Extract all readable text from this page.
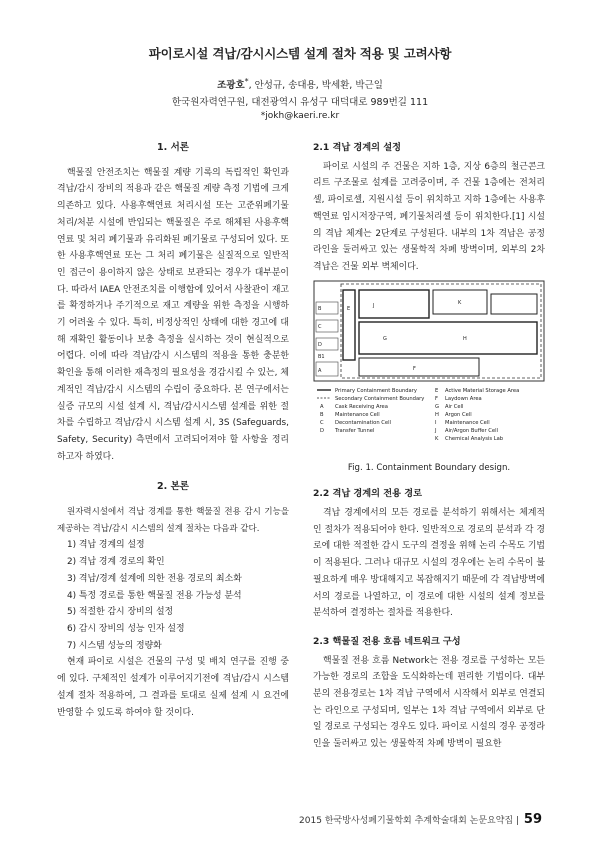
파이로시설 격납/감시시스템 설계 절차 적용 및 고려사항
조광호*, 안성규, 송대용, 박세환, 박근일
한국원자력연구원, 대전광역시 유성구 대덕대로 989번길 111
*jokh@kaeri.re.kr
1. 서론

핵물질 안전조치는 핵물질 계량 기록의 독립적인 확인과 격납/감시 장비의 적용과 같은 핵물질 계량 측정 기법에 크게 의존하고 있다. 사용후핵연료 처리시설 또는 고준위폐기물 처리/처분 시설에 반입되는 핵물질은 주로 해체된 사용후핵연료 및 처리 폐기물과 유리화된 폐기물로 구성되어 있다. 또한 사용후핵연료 또는 그 처리 폐기물은 실질적으로 일반적인 접근이 용이하지 않은 상태로 보관되는 경우가 대부분이다. 따라서 IAEA 안전조치를 이행함에 있어서 사찰관이 재고를 확정하거나 주기적으로 재고 계량을 위한 측정을 시행하기 어려울 수 있다. 특히, 비정상적인 상태에 대한 경고에 대해 재확인 활동이나 보충 측정을 실시하는 것이 현실적으로 어렵다. 이에 따라 격납/감시 시스템의 적용을 통한 충분한 확인을 통해 이러한 재측정의 필요성을 경감시킬 수 있는, 체계적인 격납/감시 시스템의 수립이 중요하다. 본 연구에서는 실증 규모의 시설 설계 시, 격납/감시시스템 설계를 위한 절차를 수립하고 격납/감시 시스템 설계 시, 3S (Safeguards, Safety, Security) 측면에서 고려되어져야 할 사항을 정리하고자 하였다.

2. 본론

원자력시설에서 격납 경계를 통한 핵물질 전용 감시 기능을 제공하는 격납/감시 시스템의 설계 절차는 다음과 같다.

1) 격납 경계의 설정
2) 격납 경계 경로의 확인
3) 격납/경계 설계에 의한 전용 경로의 최소화
4) 특정 경로를 통한 핵물질 전용 가능성 분석
5) 적절한 감시 장비의 설정
6) 감시 장비의 성능 인자 설정
7) 시스템 성능의 정량화

현재 파이로 시설은 건물의 구성 및 배치 연구를 진행 중에 있다. 구체적인 설계가 이루어지기전에 격납/감시 시스템 설계 절차 적용하여, 그 결과를 토대로 실제 설계 시 요건에 반영할 수 있도록 하여야 할 것이다.

2.1 격납 경계의 설정

파이로 시설의 주 건물은 지하 1층, 지상 6층의 철근콘크리트 구조물로 설계를 고려중이며, 주 건물 1층에는 전처리셀, 파이로셀, 지원시설 등이 위치하고 지하 1층에는 사용후핵연료 임시저장구역, 폐기물처리셀 등이 위치한다.[1] 시설의 격납 체계는 2단계로 구성된다. 내부의 1차 격납은 공정 라인을 둘러싸고 있는 생물학적 차폐 방벽이며, 외부의 2차 격납은 건물 외부 벽체이다.

E	J
B
C
D
K
G	H
F
B1
A
Primary Containment Boundary
Secondary Containment Boundary
A Cask Receiving Area
B Maintenance Cell
C Decontamination Cell
D Transfer Tunnel
E Active Material Storage Area
F Laydown Area
G Air Cell
H Argon Cell
I Maintenance Cell
J Air/Argon Buffer Cell
K Chemical Analysis Lab
Fig. 1. Containment Boundary design.
2.2 격납 경계의 전용 경로

격납 경계에서의 모든 경로를 분석하기 위해서는 체계적인 절차가 적용되어야 한다. 일반적으로 경로의 분석과 각 경로에 대한 적절한 감시 도구의 결정을 위해 논리 수목도 기법이 적용된다. 그러나 대규모 시설의 경우에는 논리 수목이 불필요하게 매우 방대해지고 복잡해지기 때문에 각 격납방벽에서의 경로를 나열하고, 이 경로에 대한 시설의 설계 정보를 분석하여 결정하는 절차를 적용한다.

2.3 핵물질 전용 흐름 네트워크 구성

핵물질 전용 흐름 Network는 전용 경로를 구성하는 모든 가능한 경로의 조합을 도식화하는데 편리한 기법이다. 대부분의 전용경로는 1차 격납 구역에서 시작해서 외부로 연결되는 라인으로 구성되며, 일부는 1차 격납 구역에서 외부로 단일 경로로 구성되는 경우도 있다. 파이로 시설의 경우 공정라인을 둘러싸고 있는 생물학적 차폐 방벽이 필요한

2015 한국방사성폐기물학회 추계학술대회 논문요약집 | 59
